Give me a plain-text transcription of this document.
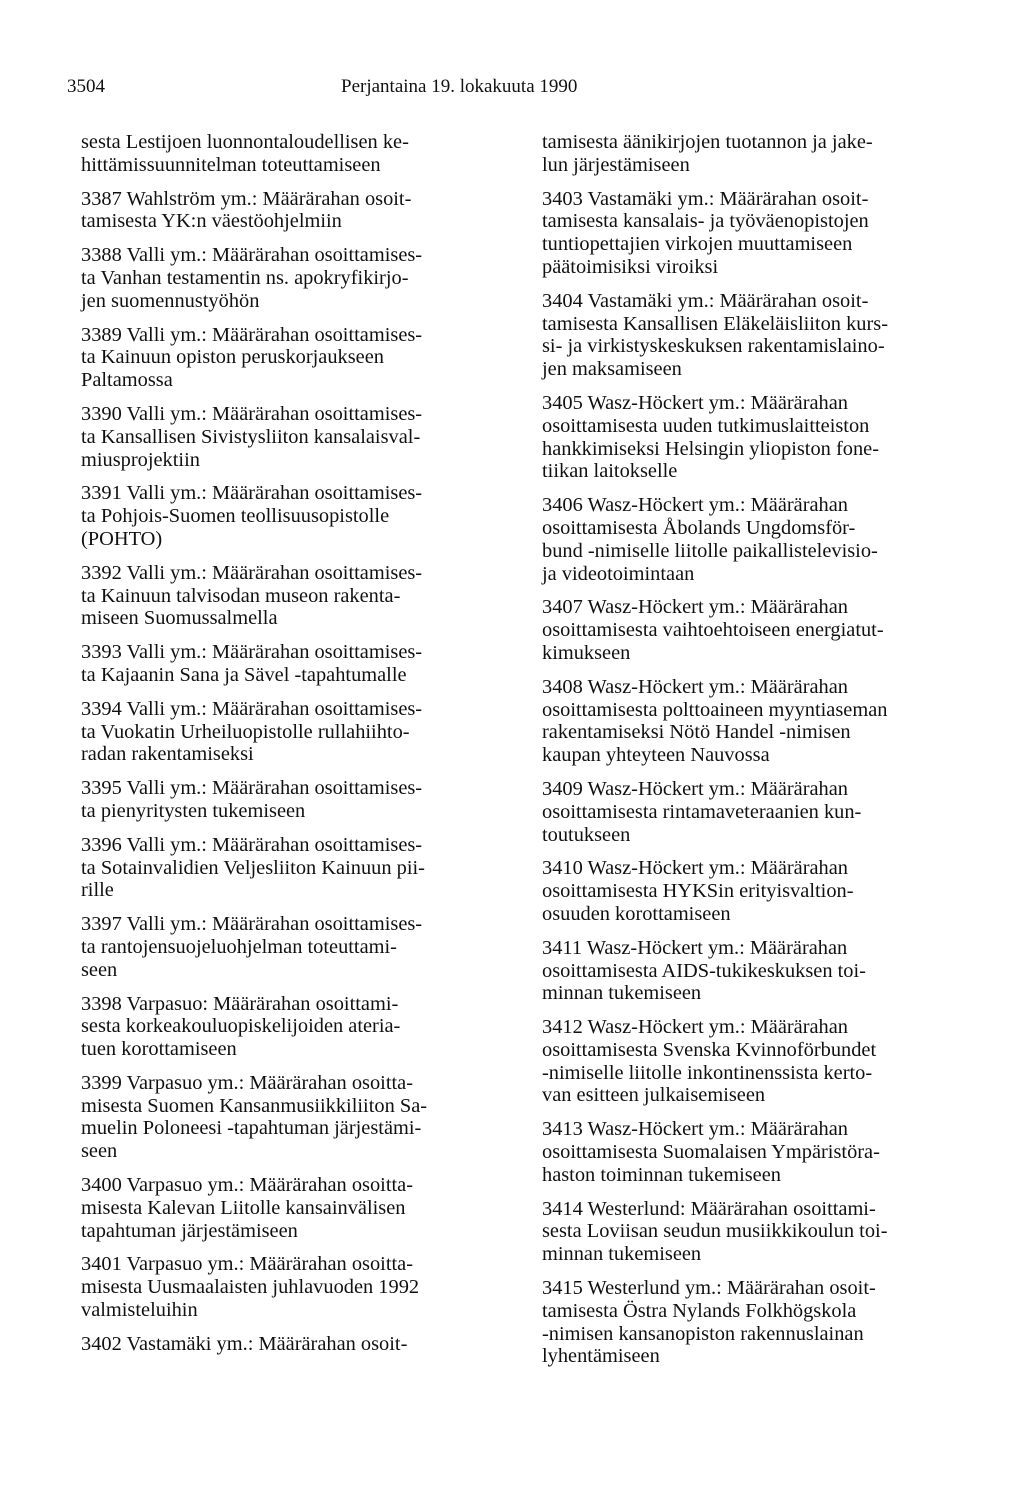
3504	Perjantaina 19. lokakuuta 1990
sesta Lestijoen luonnontaloudellisen ke-
hittämissuunnitelman toteuttamiseen
3387 Wahlström ym.: Määrärahan osoit-
tamisesta YK:n väestöohjelmiin
3388 Valli ym.: Määrärahan osoittamises-
ta Vanhan testamentin ns. apokryfikirjo-
jen suomennustyöhön
3389 Valli ym.: Määrärahan osoittamises-
ta Kainuun opiston peruskorjaukseen
Paltamossa
3390 Valli ym.: Määrärahan osoittamises-
ta Kansallisen Sivistysliiton kansalaisval-
miusprojektiin
3391 Valli ym.: Määrärahan osoittamises-
ta Pohjois-Suomen teollisuusopistolle
(POHTO)
3392 Valli ym.: Määrärahan osoittamises-
ta Kainuun talvisodan museon rakenta-
miseen Suomussalmella
3393 Valli ym.: Määrärahan osoittamises-
ta Kajaanin Sana ja Sävel -tapahtumalle
3394 Valli ym.: Määrärahan osoittamises-
ta Vuokatin Urheiluopistolle rullahiihto-
radan rakentamiseksi
3395 Valli ym.: Määrärahan osoittamises-
ta pienyritysten tukemiseen
3396 Valli ym.: Määrärahan osoittamises-
ta Sotainvalidien Veljesliiton Kainuun pii-
rille
3397 Valli ym.: Määrärahan osoittamises-
ta rantojensuojeluohjelman toteuttami-
seen
3398 Varpasuo: Määrärahan osoittami-
sesta korkeakouluopiskelijoiden ateria-
tuen korottamiseen
3399 Varpasuo ym.: Määrärahan osoitta-
misesta Suomen Kansanmusiikkiliiton Sa-
muelin Poloneesi -tapahtuman järjestämi-
seen
3400 Varpasuo ym.: Määrärahan osoitta-
misesta Kalevan Liitolle kansainvälisen
tapahtuman järjestämiseen
3401 Varpasuo ym.: Määrärahan osoitta-
misesta Uusmaalaisten juhlavuoden 1992
valmisteluihin
3402 Vastamäki ym.: Määrärahan osoit-
tamisesta äänikirjojen tuotannon ja jake-
lun järjestämiseen
3403 Vastamäki ym.: Määrärahan osoit-
tamisesta kansalais- ja työväenopistojen
tuntiopettajien virkojen muuttamiseen
päätoimisiksi viroiksi
3404 Vastamäki ym.: Määrärahan osoit-
tamisesta Kansallisen Eläkeläisliiton kurs-
si- ja virkistyskeskuksen rakentamislaino-
jen maksamiseen
3405 Wasz-Höckert ym.: Määrärahan
osoittamisesta uuden tutkimuslaitteiston
hankkimiseksi Helsingin yliopiston fone-
tiikan laitokselle
3406 Wasz-Höckert ym.: Määrärahan
osoittamisesta Åbolands Ungdomsför-
bund -nimiselle liitolle paikallistelevisio-
ja videotoimintaan
3407 Wasz-Höckert ym.: Määrärahan
osoittamisesta vaihtoehtoiseen energiatut-
kimukseen
3408 Wasz-Höckert ym.: Määrärahan
osoittamisesta polttoaineen myyntiaseman
rakentamiseksi Nötö Handel -nimisen
kaupan yhteyteen Nauvossa
3409 Wasz-Höckert ym.: Määrärahan
osoittamisesta rintamaveteraanien kun-
toutukseen
3410 Wasz-Höckert ym.: Määrärahan
osoittamisesta HYKSin erityisvaltion-
osuuden korottamiseen
3411 Wasz-Höckert ym.: Määrärahan
osoittamisesta AIDS-tukikeskuksen toi-
minnan tukemiseen
3412 Wasz-Höckert ym.: Määrärahan
osoittamisesta Svenska Kvinnoförbundet
-nimiselle liitolle inkontinenssista kerto-
van esitteen julkaisemiseen
3413 Wasz-Höckert ym.: Määrärahan
osoittamisesta Suomalaisen Ympäristöra-
haston toiminnan tukemiseen
3414 Westerlund: Määrärahan osoittami-
sesta Loviisan seudun musiikkikoulun toi-
minnan tukemiseen
3415 Westerlund ym.: Määrärahan osoit-
tamisesta Östra Nylands Folkhögskola
-nimisen kansanopiston rakennuslainan
lyhentämiseen
